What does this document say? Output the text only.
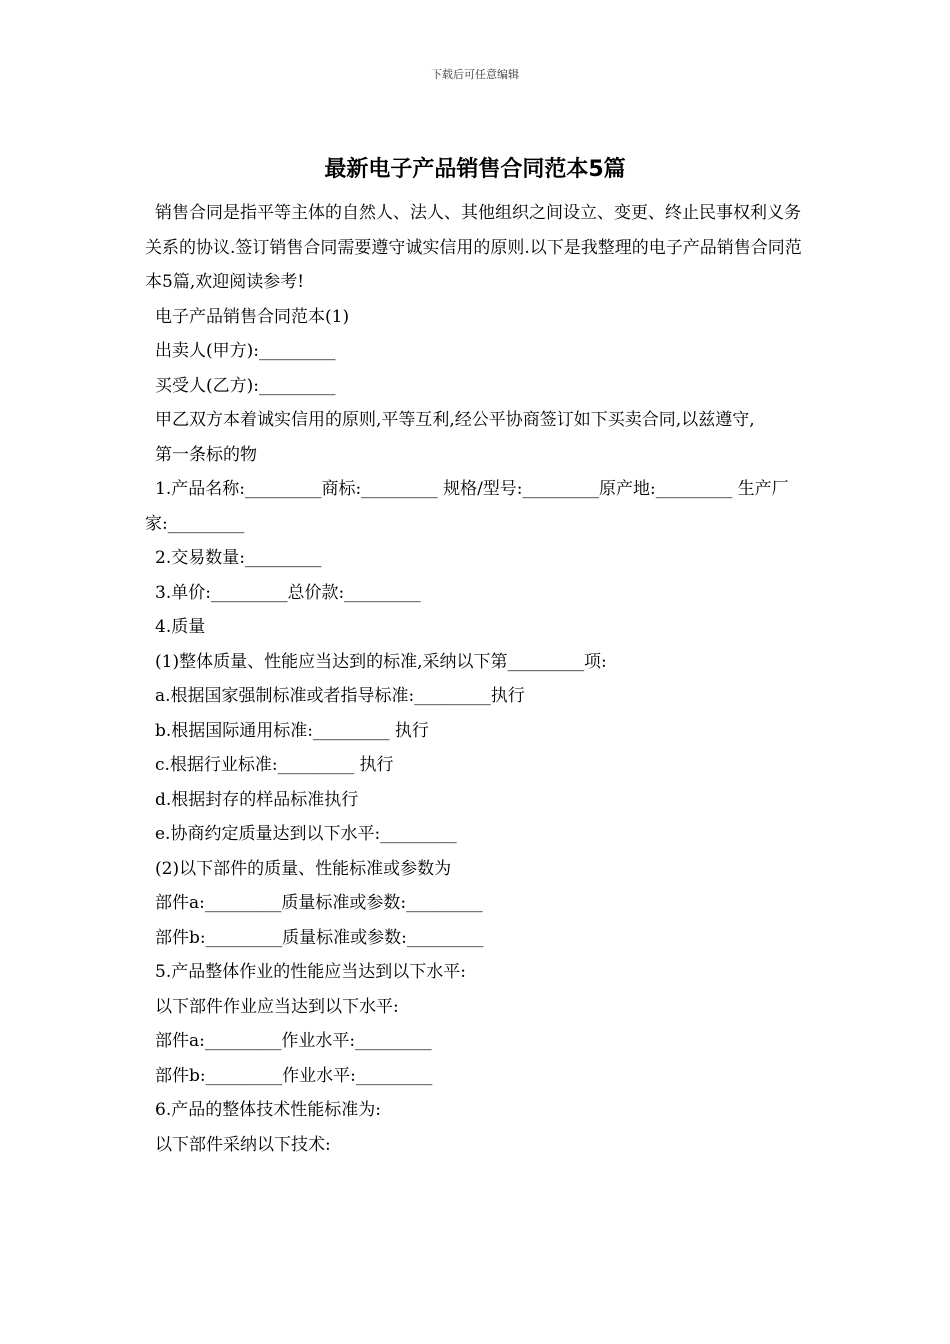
下载后可任意编辑
最新电子产品销售合同范本5篇

销售合同是指平等主体的自然人、法人、其他组织之间设立、变更、终止民事权利义务关系的协议.签订销售合同需要遵守诚实信用的原则.以下是我整理的电子产品销售合同范本5篇,欢迎阅读参考!

电子产品销售合同范本(1)

出卖人(甲方):_________

买受人(乙方):_________

甲乙双方本着诚实信用的原则,平等互利,经公平协商签订如下买卖合同,以兹遵守,

第一条标的物

1.产品名称:_________商标:_________ 规格/型号:_________原产地:_________ 生产厂家:_________

2.交易数量:_________

3.单价:_________总价款:_________

4.质量

(1)整体质量、性能应当达到的标准,采纳以下第_________项:

a.根据国家强制标准或者指导标准:_________执行

b.根据国际通用标准:_________ 执行

c.根据行业标准:_________ 执行

d.根据封存的样品标准执行

e.协商约定质量达到以下水平:_________

(2)以下部件的质量、性能标准或参数为

部件a:_________质量标准或参数:_________

部件b:_________质量标准或参数:_________

5.产品整体作业的性能应当达到以下水平:

以下部件作业应当达到以下水平:

部件a:_________作业水平:_________

部件b:_________作业水平:_________

6.产品的整体技术性能标准为:

以下部件采纳以下技术:
